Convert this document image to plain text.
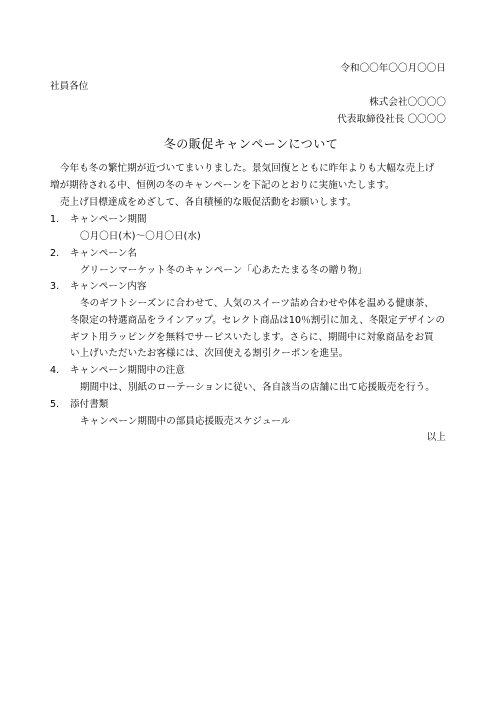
令和〇〇年〇〇月〇〇日
社員各位
株式会社〇〇〇〇
代表取締役社長 〇〇〇〇
冬の販促キャンペーンについて
今年も冬の繁忙期が近づいてまいりました。景気回復とともに昨年よりも大幅な売上げ
増が期待される中、恒例の冬のキャンペーンを下記のとおりに実施いたします。
売上げ目標達成をめざして、各自積極的な販促活動をお願いします。
1. キャンペーン期間
〇月〇日(木)～〇月〇日(水)
2. キャンペーン名
グリーンマーケット冬のキャンペーン「心あたたまる冬の贈り物」
3. キャンペーン内容
冬のギフトシーズンに合わせて、人気のスイーツ詰め合わせや体を温める健康茶、
冬限定の特選商品をラインアップ。セレクト商品は10％割引に加え、冬限定デザインの
ギフト用ラッピングを無料でサービスいたします。さらに、期間中に対象商品をお買
い上げいただいたお客様には、次回使える割引クーポンを進呈。
4. キャンペーン期間中の注意
期間中は、別紙のローテーションに従い、各自該当の店舗に出て応援販売を行う。
5. 添付書類
キャンペーン期間中の部員応援販売スケジュール
以上
